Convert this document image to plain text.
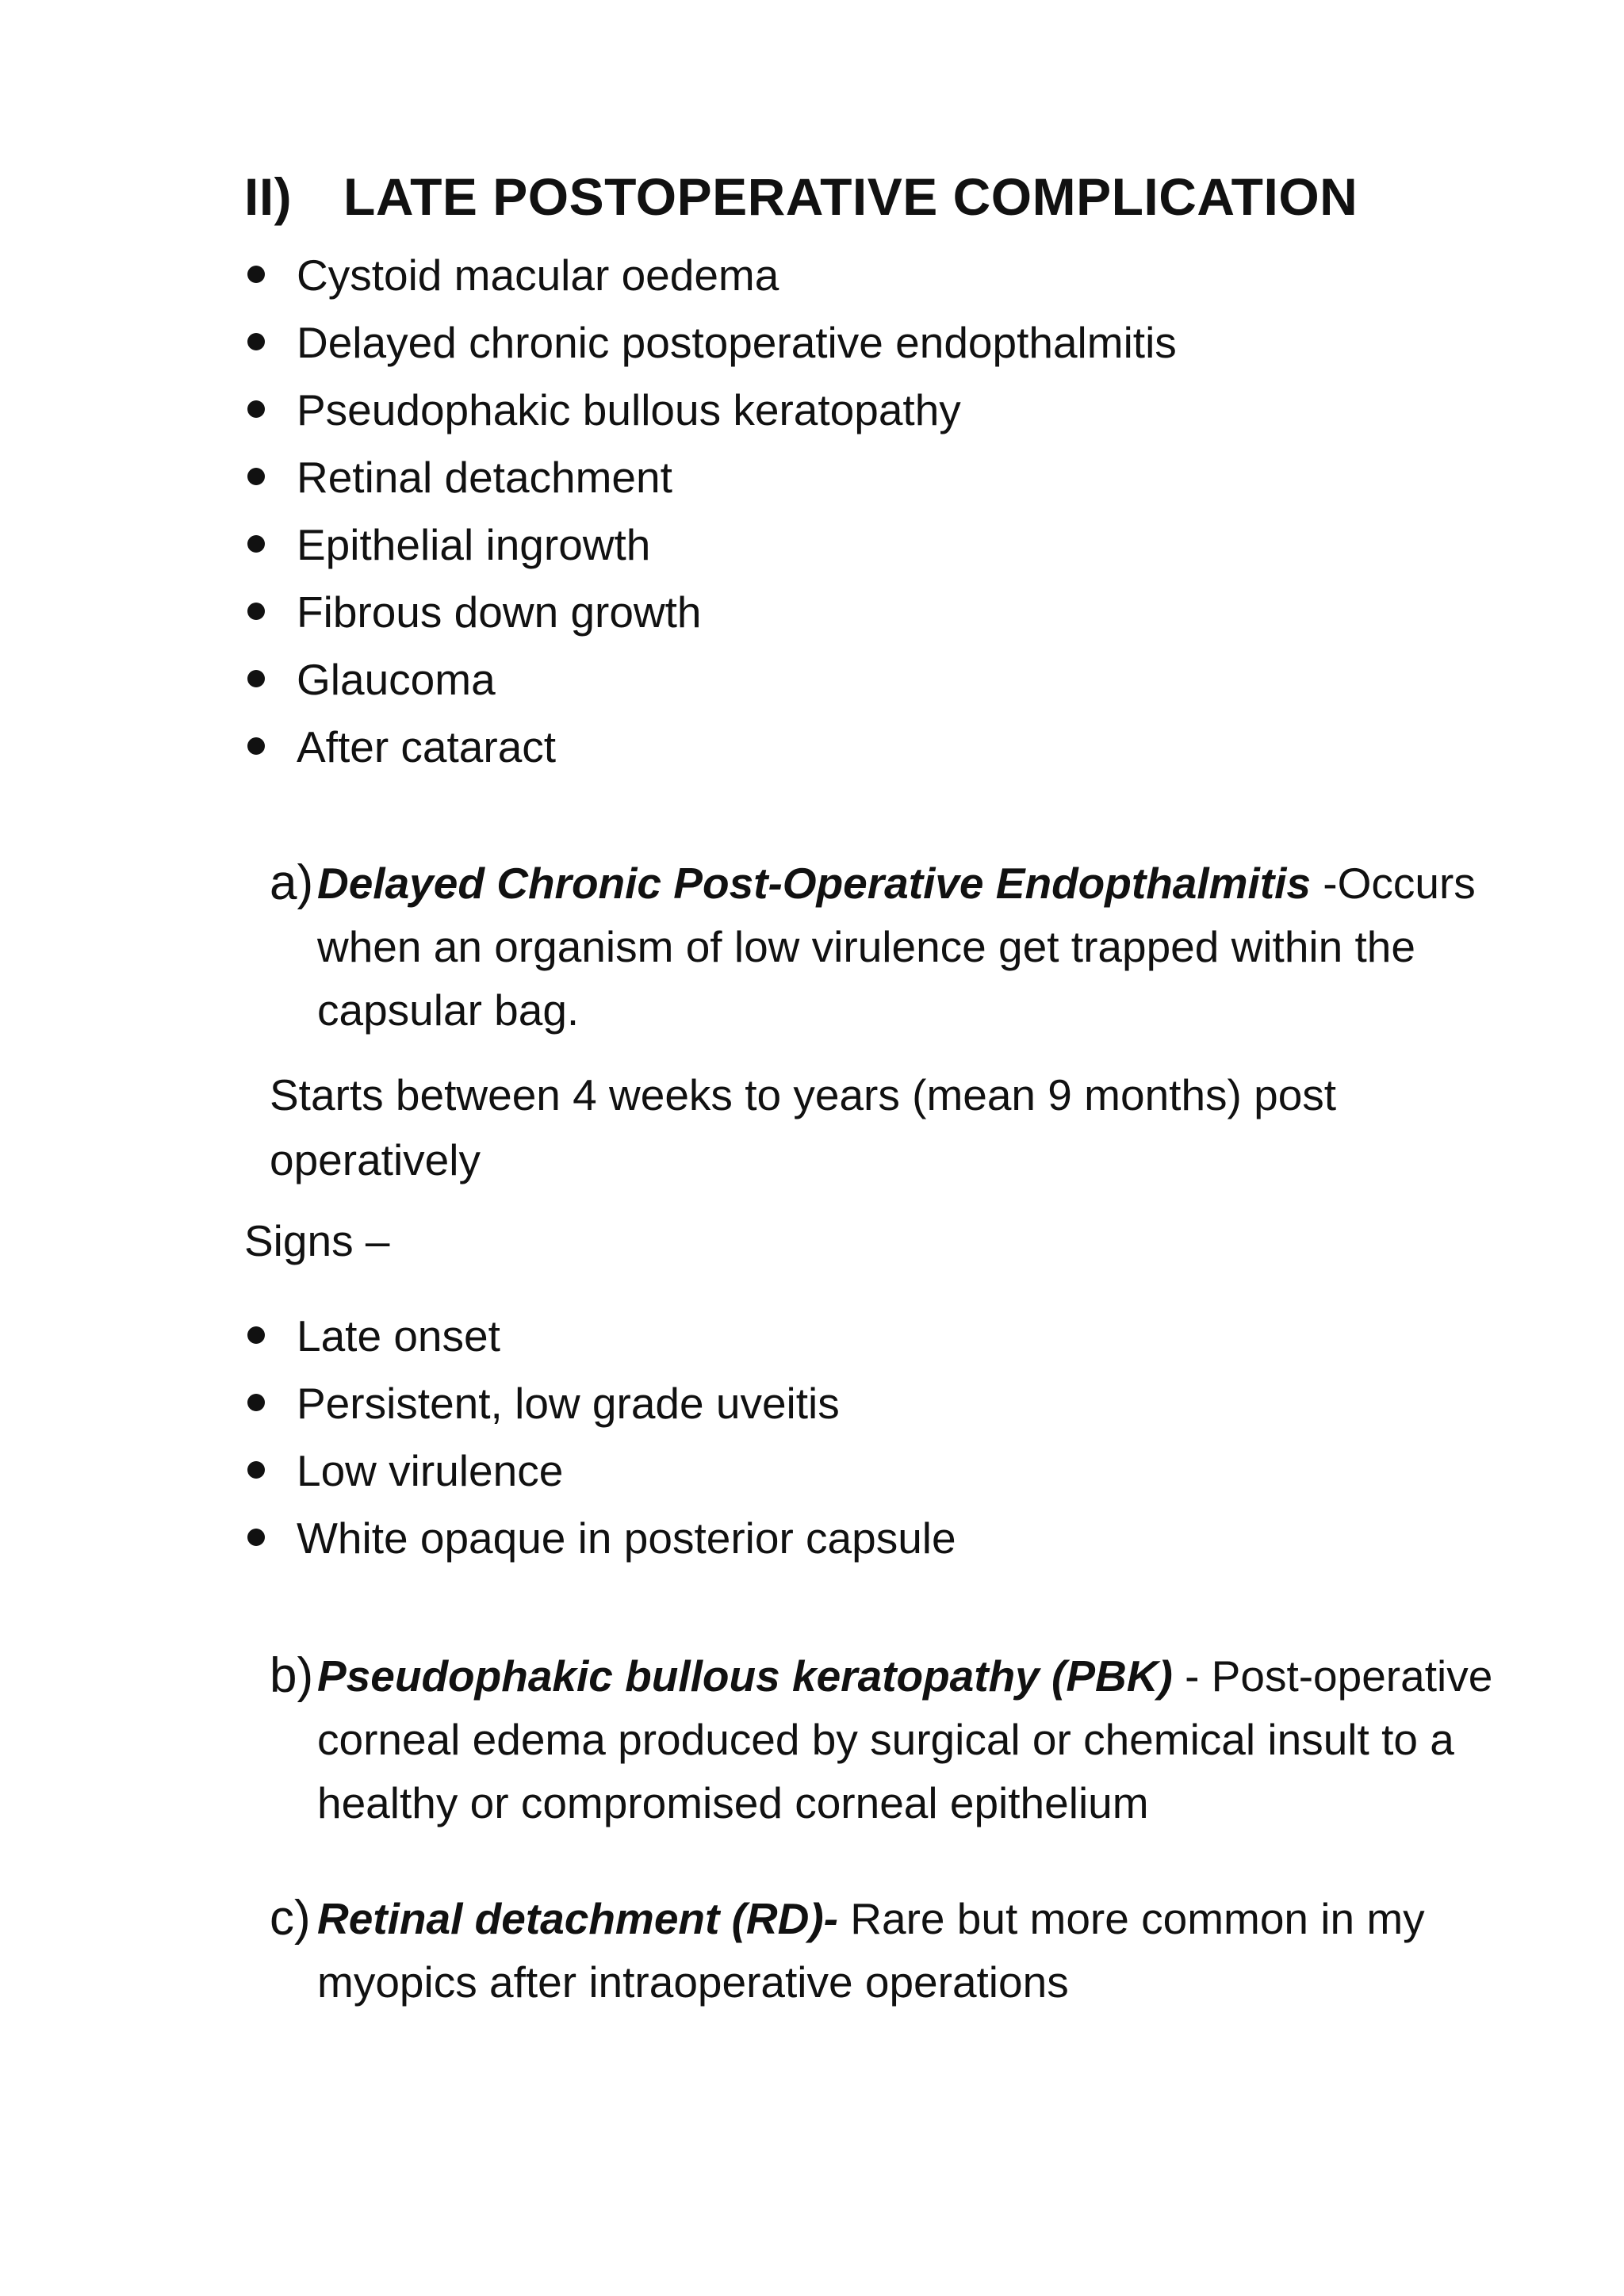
II) LATE POSTOPERATIVE COMPLICATION
Cystoid macular oedema
Delayed chronic postoperative endopthalmitis
Pseudophakic bullous keratopathy
Retinal detachment
Epithelial ingrowth
Fibrous down growth
Glaucoma
After cataract
a) Delayed Chronic Post-Operative Endopthalmitis -Occurs when an organism of low virulence get trapped within the capsular bag.
Starts between 4 weeks to years (mean 9 months) post operatively
Signs –
Late onset
Persistent, low grade uveitis
Low virulence
White opaque in posterior capsule
b) Pseudophakic bullous keratopathy (PBK) - Post-operative corneal edema produced by surgical or chemical insult to a healthy or compromised corneal epithelium
c) Retinal detachment (RD)- Rare but more common in my myopics after intraoperative operations
